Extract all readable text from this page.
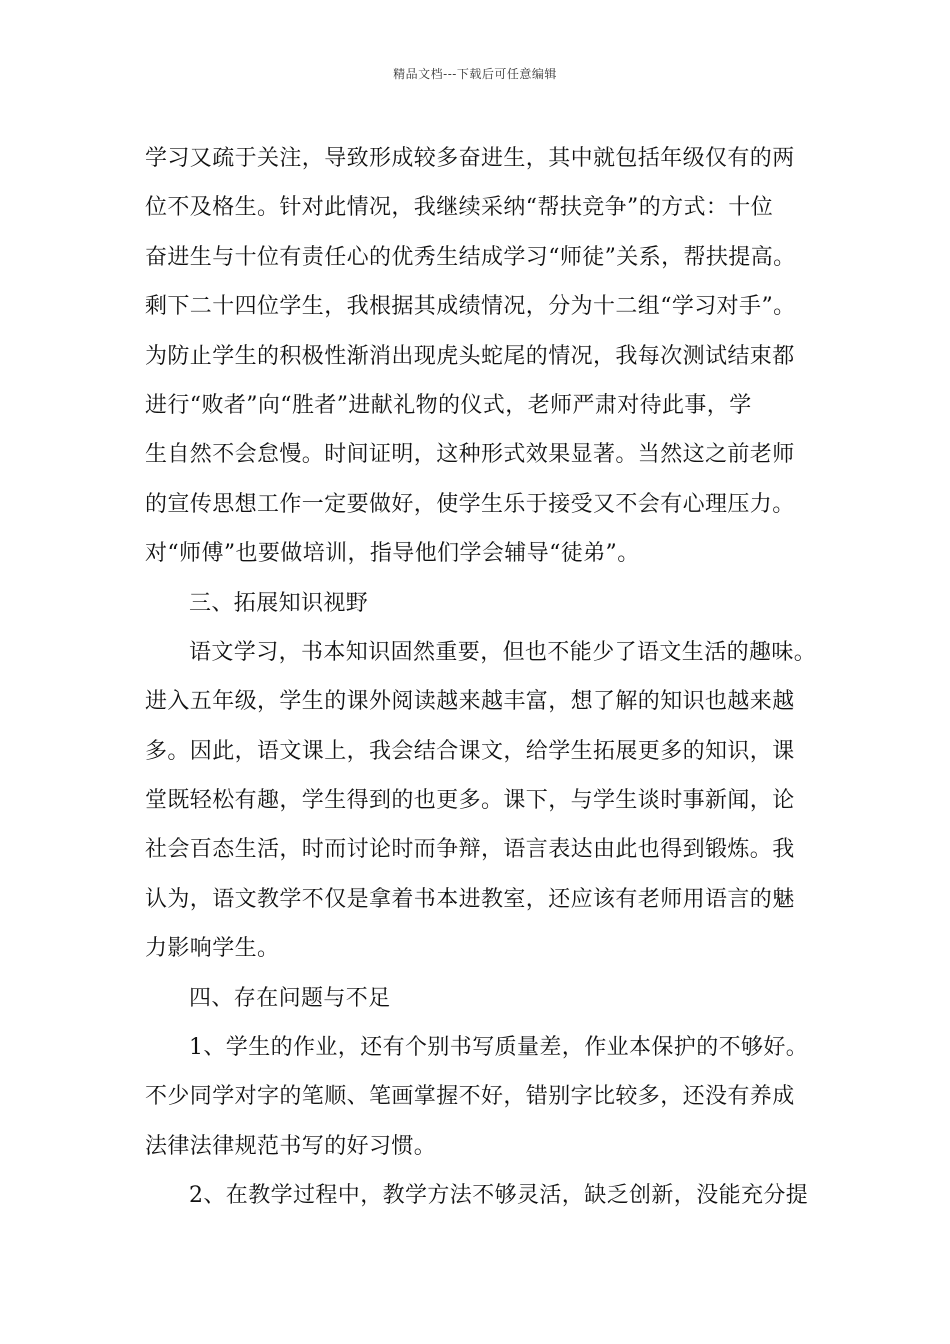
精品文档---下载后可任意编辑
学习又疏于关注，导致形成较多奋进生，其中就包括年级仅有的两
位不及格生。针对此情况，我继续采纳“帮扶竞争”的方式：十位
奋进生与十位有责任心的优秀生结成学习“师徒”关系，帮扶提高。
剩下二十四位学生，我根据其成绩情况，分为十二组“学习对手”。
为防止学生的积极性渐消出现虎头蛇尾的情况，我每次测试结束都
进行“败者”向“胜者”进献礼物的仪式，老师严肃对待此事，学
生自然不会怠慢。时间证明，这种形式效果显著。当然这之前老师
的宣传思想工作一定要做好，使学生乐于接受又不会有心理压力。
对“师傅”也要做培训，指导他们学会辅导“徒弟”。
三、拓展知识视野
语文学习，书本知识固然重要，但也不能少了语文生活的趣味。
进入五年级，学生的课外阅读越来越丰富，想了解的知识也越来越
多。因此，语文课上，我会结合课文，给学生拓展更多的知识，课
堂既轻松有趣，学生得到的也更多。课下，与学生谈时事新闻，论
社会百态生活，时而讨论时而争辩，语言表达由此也得到锻炼。我
认为，语文教学不仅是拿着书本进教室，还应该有老师用语言的魅
力影响学生。
四、存在问题与不足
1、学生的作业，还有个别书写质量差，作业本保护的不够好。
不少同学对字的笔顺、笔画掌握不好，错别字比较多，还没有养成
法律法律规范书写的好习惯。
2、在教学过程中，教学方法不够灵活，缺乏创新，没能充分提
